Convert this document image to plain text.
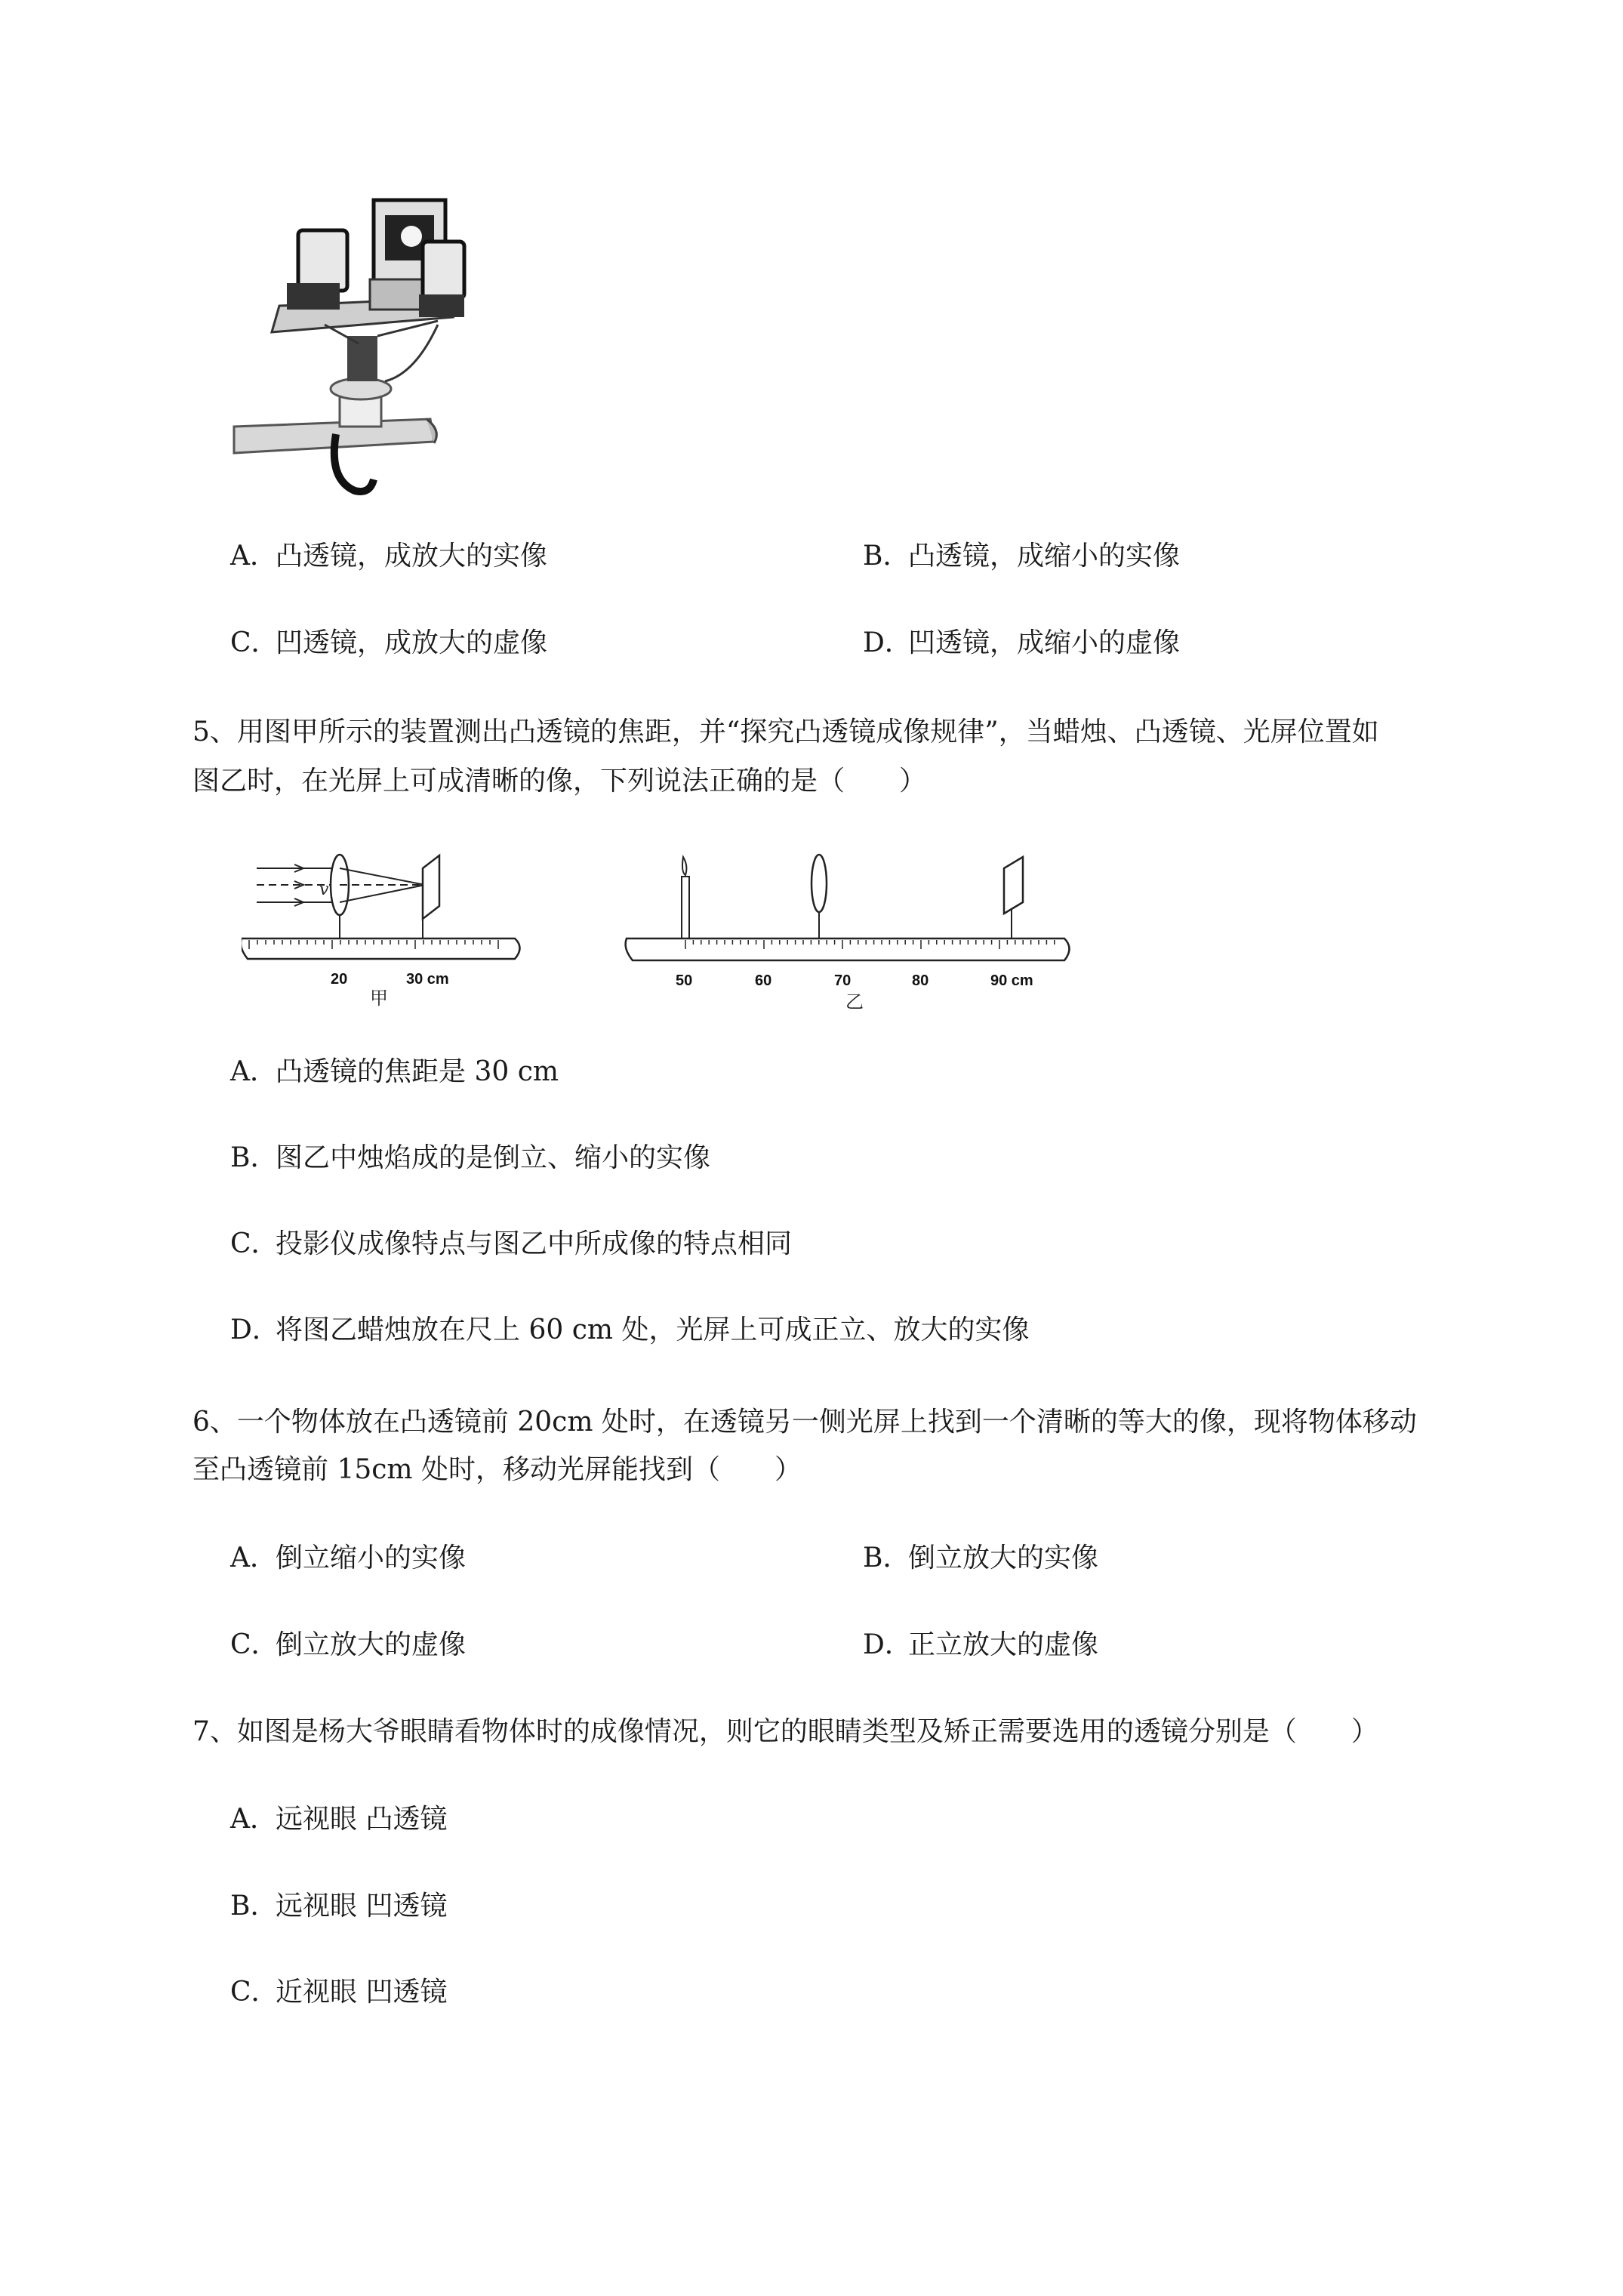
A．凸透镜，成放大的实像	B．凸透镜，成缩小的实像
C．凹透镜，成放大的虚像	D．凹透镜，成缩小的虚像
5、用图甲所示的装置测出凸透镜的焦距，并“探究凸透镜成像规律”，当蜡烛、凸透镜、光屏位置如
图乙时，在光屏上可成清晰的像，下列说法正确的是（　　）
v
20	30 cm
甲
50	60	70	80	90 cm
乙
A．凸透镜的焦距是 30 cm
B．图乙中烛焰成的是倒立、缩小的实像
C．投影仪成像特点与图乙中所成像的特点相同
D．将图乙蜡烛放在尺上 60 cm 处，光屏上可成正立、放大的实像
6、一个物体放在凸透镜前 20cm 处时，在透镜另一侧光屏上找到一个清晰的等大的像，现将物体移动
至凸透镜前 15cm 处时，移动光屏能找到（　　）
A．倒立缩小的实像	B．倒立放大的实像
C．倒立放大的虚像	D．正立放大的虚像
7、如图是杨大爷眼睛看物体时的成像情况，则它的眼睛类型及矫正需要选用的透镜分别是（　　）
A．远视眼 凸透镜
B．远视眼 凹透镜
C．近视眼 凹透镜
